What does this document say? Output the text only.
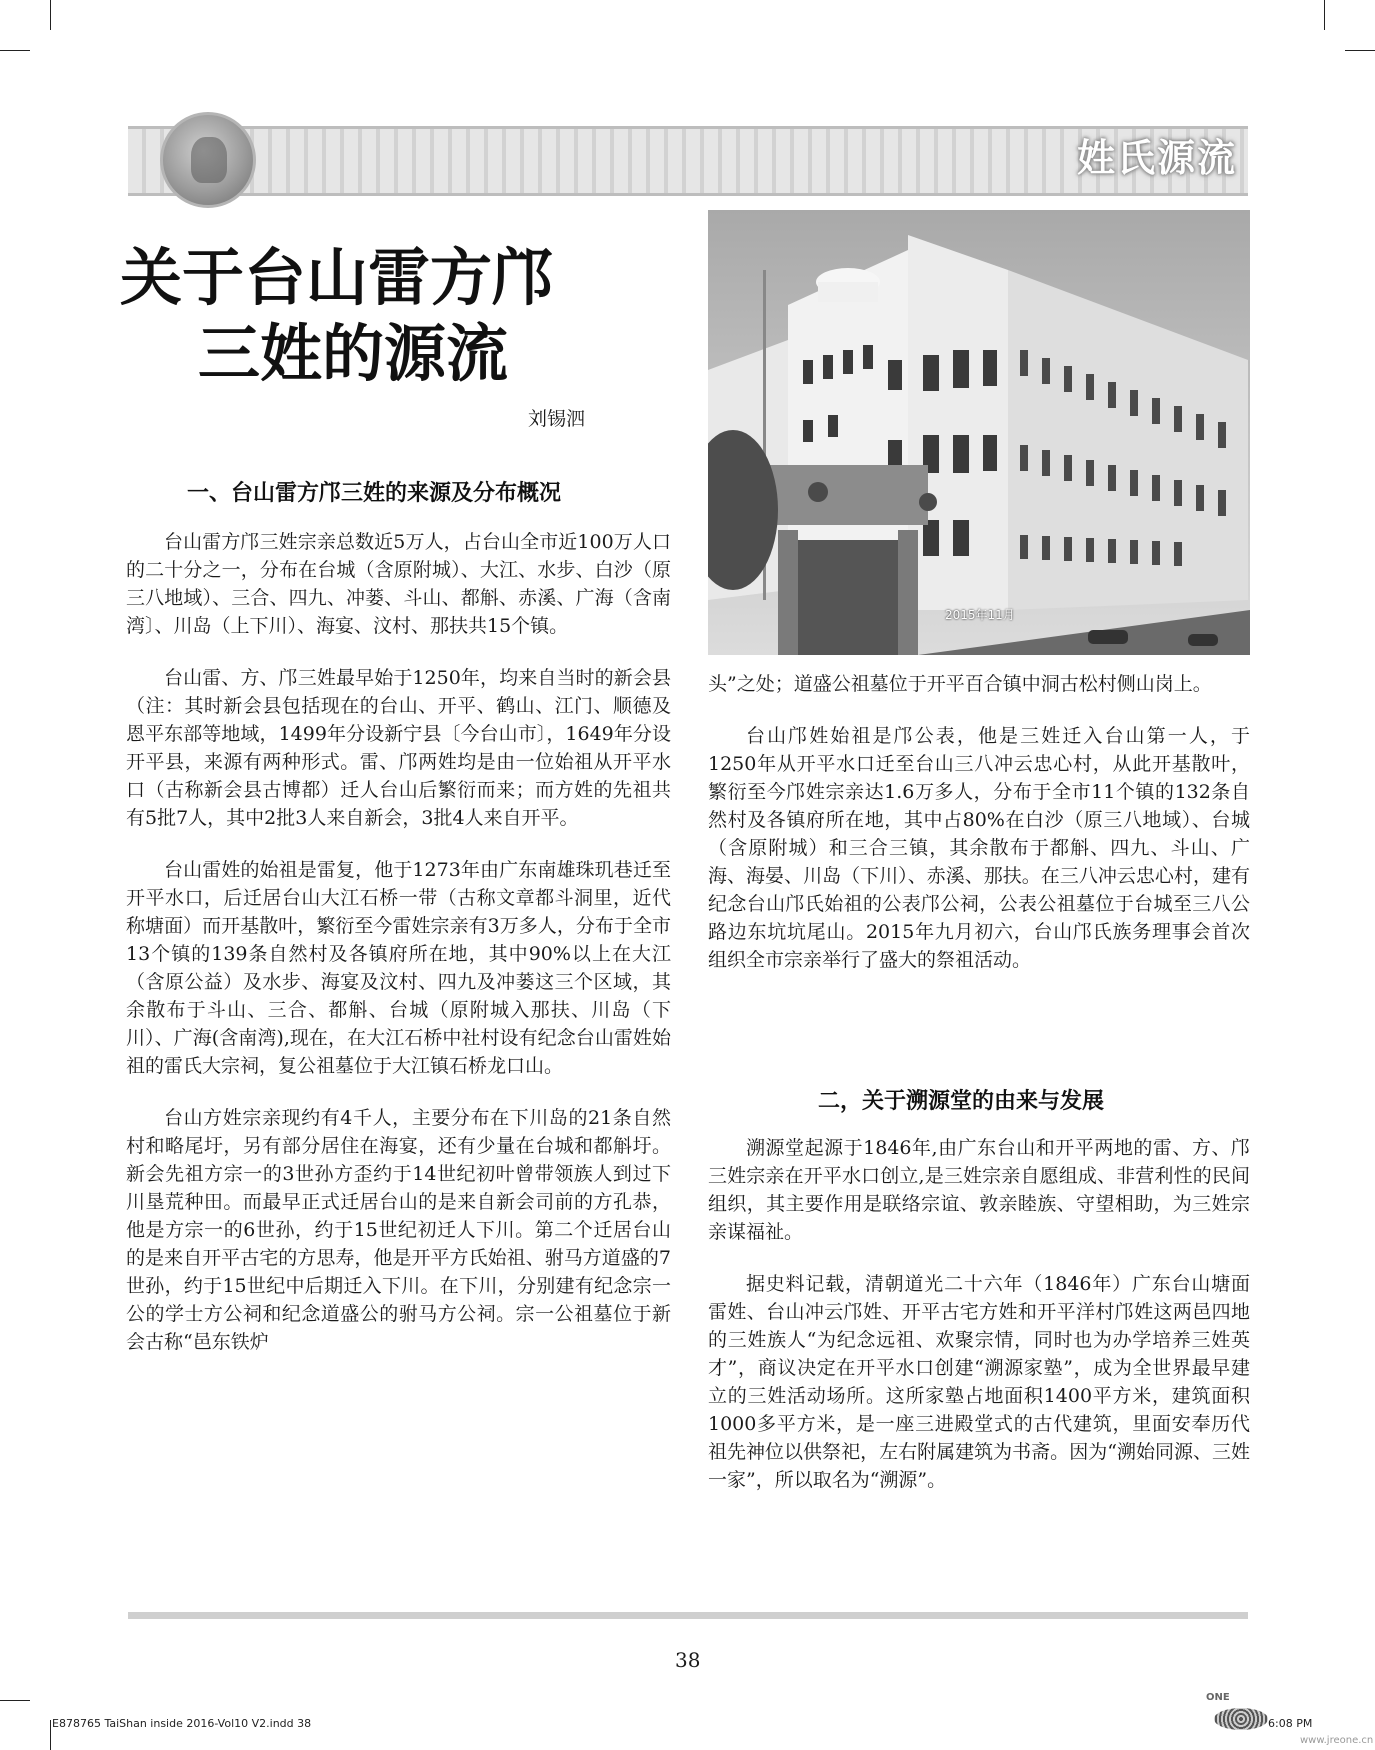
姓氏源流
关于台山雷方邝
三姓的源流
刘锡泗
一、台山雷方邝三姓的来源及分布概况

台山雷方邝三姓宗亲总数近5万人，占台山全市近100万人口的二十分之一，分布在台城（含原附城）、大江、水步、白沙（原三八地域）、三合、四九、冲蒌、斗山、都斛、赤溪、广海（含南湾〕、川岛（上下川）、海宴、汶村、那扶共15个镇。

台山雷、方、邝三姓最早始于1250年，均来自当时的新会县（注：其时新会县包括现在的台山、开平、鹤山、江门、顺德及恩平东部等地域，1499年分设新宁县〔今台山市〕，1649年分设开平县，来源有两种形式。雷、邝两姓均是由一位始祖从开平水口（古称新会县古博都）迁人台山后繁衍而来；而方姓的先祖共有5批7人，其中2批3人来自新会，3批4人来自开平。

台山雷姓的始祖是雷复，他于1273年由广东南雄珠玑巷迁至开平水口，后迁居台山大江石桥一带（古称文章都斗洞里，近代称塘面）而开基散叶，繁衍至今雷姓宗亲有3万多人，分布于全市13个镇的139条自然村及各镇府所在地，其中90%以上在大江（含原公益）及水步、海宴及汶村、四九及冲蒌这三个区域，其余散布于斗山、三合、都斛、台城（原附城入那扶、川岛（下川）、广海(含南湾),现在，在大江石桥中社村设有纪念台山雷姓始祖的雷氏大宗祠，复公祖墓位于大江镇石桥龙口山。

台山方姓宗亲现约有4千人，主要分布在下川岛的21条自然村和略尾圩，另有部分居住在海宴，还有少量在台城和都斛圩。新会先祖方宗一的3世孙方歪约于14世纪初叶曾带领族人到过下川垦荒种田。而最早正式迁居台山的是来自新会司前的方孔恭，他是方宗一的6世孙，约于15世纪初迁人下川。第二个迁居台山的是来自开平古宅的方思寿，他是开平方氏始祖、驸马方道盛的7世孙，约于15世纪中后期迁入下川。在下川，分别建有纪念宗一公的学士方公祠和纪念道盛公的驸马方公祠。宗一公祖墓位于新会古称“邑东铁炉

2015年11月

头”之处；道盛公祖墓位于开平百合镇中洞古松村侧山岗上。

台山邝姓始祖是邝公表，他是三姓迁入台山第一人，于1250年从开平水口迁至台山三八冲云忠心村，从此开基散叶，繁衍至今邝姓宗亲达1.6万多人，分布于全市11个镇的132条自然村及各镇府所在地，其中占80%在白沙（原三八地域）、台城（含原附城）和三合三镇，其余散布于都斛、四九、斗山、广海、海晏、川岛（下川）、赤溪、那扶。在三八冲云忠心村，建有纪念台山邝氏始祖的公表邝公祠，公表公祖墓位于台城至三八公路边东坑坑尾山。2015年九月初六，台山邝氏族务理事会首次组织全市宗亲举行了盛大的祭祖活动。

二，关于溯源堂的由来与发展

溯源堂起源于1846年,由广东台山和开平两地的雷、方、邝三姓宗亲在开平水口创立,是三姓宗亲自愿组成、非营利性的民间组织，其主要作用是联络宗谊、敦亲睦族、守望相助，为三姓宗亲谋福祉。

据史料记载，清朝道光二十六年（1846年）广东台山塘面雷姓、台山冲云邝姓、开平古宅方姓和开平洋村邝姓这两邑四地的三姓族人“为纪念远祖、欢聚宗情，同时也为办学培养三姓英才”，商议决定在开平水口创建“溯源家塾”，成为全世界最早建立的三姓活动场所。这所家塾占地面积1400平方米，建筑面积1000多平方米，是一座三进殿堂式的古代建筑，里面安奉历代祖先神位以供祭祀，左右附属建筑为书斋。因为“溯始同源、三姓一家”，所以取名为“溯源”。

38
E878765 TaiShan inside 2016-Vol10 V2.indd 38
ONE
6:08 PM
www.jreone.cn
